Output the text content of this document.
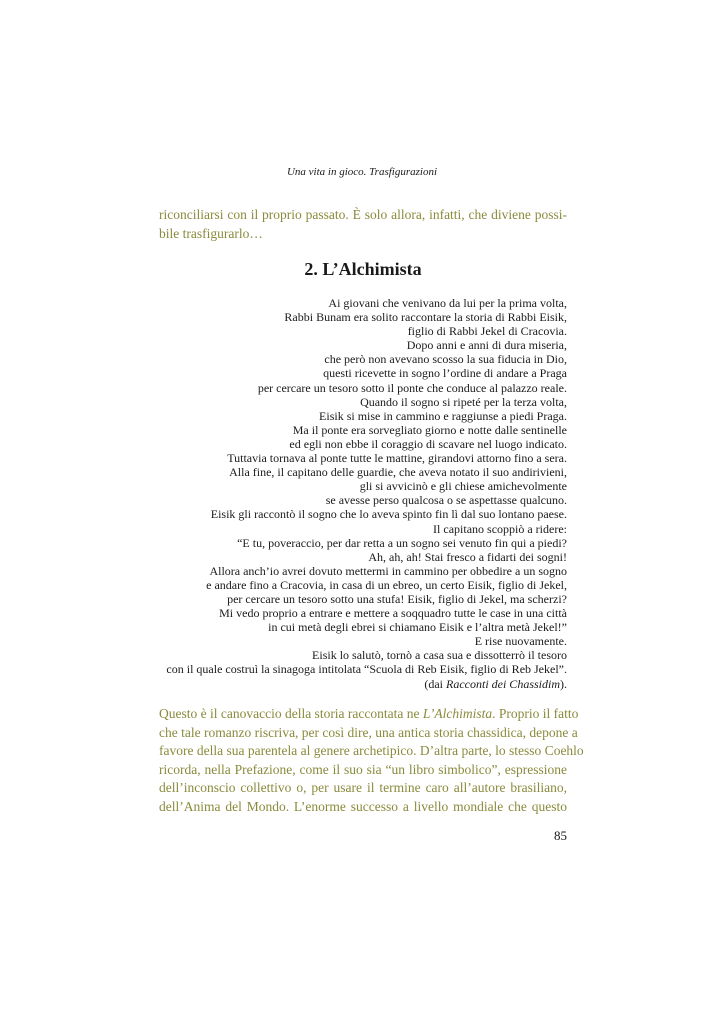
Una vita in gioco. Trasfigurazioni
riconciliarsi con il proprio passato. È solo allora, infatti, che diviene possi-bile trasfigurarlo…
2. L’Alchimista
Ai giovani che venivano da lui per la prima volta,
Rabbi Bunam era solito raccontare la storia di Rabbi Eisik,
figlio di Rabbi Jekel di Cracovia.
Dopo anni e anni di dura miseria,
che però non avevano scosso la sua fiducia in Dio,
questi ricevette in sogno l’ordine di andare a Praga
per cercare un tesoro sotto il ponte che conduce al palazzo reale.
Quando il sogno si ripeté per la terza volta,
Eisik si mise in cammino e raggiunse a piedi Praga.
Ma il ponte era sorvegliato giorno e notte dalle sentinelle
ed egli non ebbe il coraggio di scavare nel luogo indicato.
Tuttavia tornava al ponte tutte le mattine, girandovi attorno fino a sera.
Alla fine, il capitano delle guardie, che aveva notato il suo andirivieni,
gli si avvicinò e gli chiese amichevolmente
se avesse perso qualcosa o se aspettasse qualcuno.
Eisik gli raccontò il sogno che lo aveva spinto fin lì dal suo lontano paese.
Il capitano scoppiò a ridere:
“E tu, poveraccio, per dar retta a un sogno sei venuto fin qui a piedi?
Ah, ah, ah! Stai fresco a fidarti dei sogni!
Allora anch’io avrei dovuto mettermi in cammino per obbedire a un sogno
e andare fino a Cracovia, in casa di un ebreo, un certo Eisik, figlio di Jekel,
per cercare un tesoro sotto una stufa! Eisik, figlio di Jekel, ma scherzi?
Mi vedo proprio a entrare e mettere a soqquadro tutte le case in una città
in cui metà degli ebrei si chiamano Eisik e l’altra metà Jekel!”
E rise nuovamente.
Eisik lo salutò, tornò a casa sua e dissotterrò il tesoro
con il quale costruì la sinagoga intitolata “Scuola di Reb Eisik, figlio di Reb Jekel”.
(dai Racconti dei Chassidim).
Questo è il canovaccio della storia raccontata ne L’Alchimista. Proprio il fatto
che tale romanzo riscriva, per così dire, una antica storia chassidica, depone a
favore della sua parentela al genere archetipico. D’altra parte, lo stesso Coehlo
ricorda, nella Prefazione, come il suo sia “un libro simbolico”, espressione
dell’inconscio collettivo o, per usare il termine caro all’autore brasiliano,
dell’Anima del Mondo. L’enorme successo a livello mondiale che questo
85
